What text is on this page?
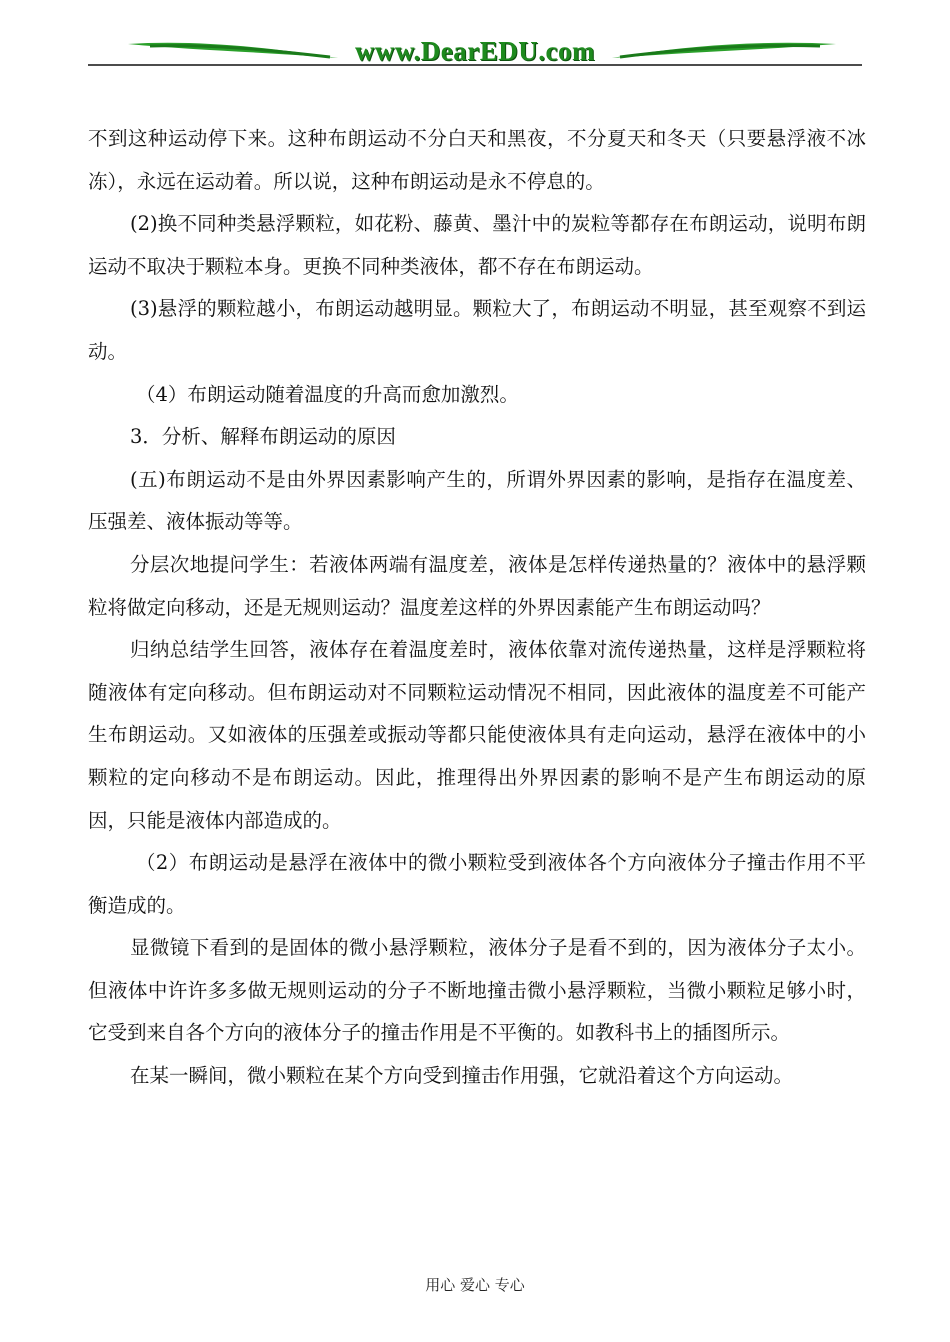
www.DearEDU.com

不到这种运动停下来。这种布朗运动不分白天和黑夜，不分夏天和冬天（只要悬浮液不冰冻），永远在运动着。所以说，这种布朗运动是永不停息的。

(2)换不同种类悬浮颗粒，如花粉、藤黄、墨汁中的炭粒等都存在布朗运动，说明布朗运动不取决于颗粒本身。更换不同种类液体，都不存在布朗运动。

(3)悬浮的颗粒越小，布朗运动越明显。颗粒大了，布朗运动不明显，甚至观察不到运动。

（4）布朗运动随着温度的升高而愈加激烈。

3．分析、解释布朗运动的原因

(五)布朗运动不是由外界因素影响产生的，所谓外界因素的影响，是指存在温度差、压强差、液体振动等等。

分层次地提问学生：若液体两端有温度差，液体是怎样传递热量的？液体中的悬浮颗粒将做定向移动，还是无规则运动？温度差这样的外界因素能产生布朗运动吗？

归纳总结学生回答，液体存在着温度差时，液体依靠对流传递热量，这样是浮颗粒将随液体有定向移动。但布朗运动对不同颗粒运动情况不相同，因此液体的温度差不可能产生布朗运动。又如液体的压强差或振动等都只能使液体具有走向运动，悬浮在液体中的小颗粒的定向移动不是布朗运动。因此，推理得出外界因素的影响不是产生布朗运动的原因，只能是液体内部造成的。

（2）布朗运动是悬浮在液体中的微小颗粒受到液体各个方向液体分子撞击作用不平衡造成的。

显微镜下看到的是固体的微小悬浮颗粒，液体分子是看不到的，因为液体分子太小。但液体中许许多多做无规则运动的分子不断地撞击微小悬浮颗粒，当微小颗粒足够小时，它受到来自各个方向的液体分子的撞击作用是不平衡的。如教科书上的插图所示。

在某一瞬间，微小颗粒在某个方向受到撞击作用强，它就沿着这个方向运动。

用心 爱心 专心
